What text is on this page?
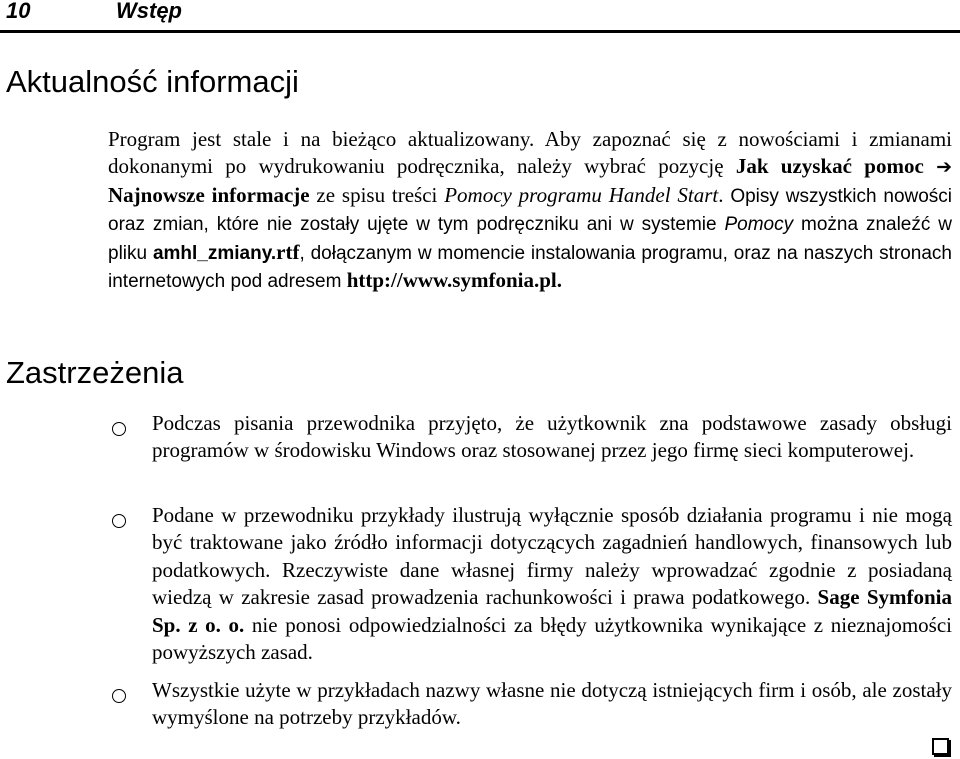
10	Wstęp
Aktualność informacji
Program jest stale i na bieżąco aktualizowany. Aby zapoznać się z nowościami i zmianami dokonanymi po wydrukowaniu podręcznika, należy wybrać pozycję Jak uzyskać pomoc ➔ Najnowsze informacje ze spisu treści Pomocy programu Handel Start. Opisy wszystkich nowości oraz zmian, które nie zostały ujęte w tym podręczniku ani w systemie Pomocy można znaleźć w pliku amhl_zmiany.rtf, dołączanym w momencie instalowania programu, oraz na naszych stronach internetowych pod adresem http://www.symfonia.pl.
Zastrzeżenia
Podczas pisania przewodnika przyjęto, że użytkownik zna podstawowe zasady obsługi programów w środowisku Windows oraz stosowanej przez jego firmę sieci komputerowej.
Podane w przewodniku przykłady ilustrują wyłącznie sposób działania programu i nie mogą być traktowane jako źródło informacji dotyczących zagadnień handlowych, finansowych lub podatkowych. Rzeczywiste dane własnej firmy należy wprowadzać zgodnie z posiadaną wiedzą w zakresie zasad prowadzenia rachunkowości i prawa podatkowego. Sage Symfonia Sp. z o. o. nie ponosi odpowiedzialności za błędy użytkownika wynikające z nieznajomości powyższych zasad.
Wszystkie użyte w przykładach nazwy własne nie dotyczą istniejących firm i osób, ale zostały wymyślone na potrzeby przykładów.
